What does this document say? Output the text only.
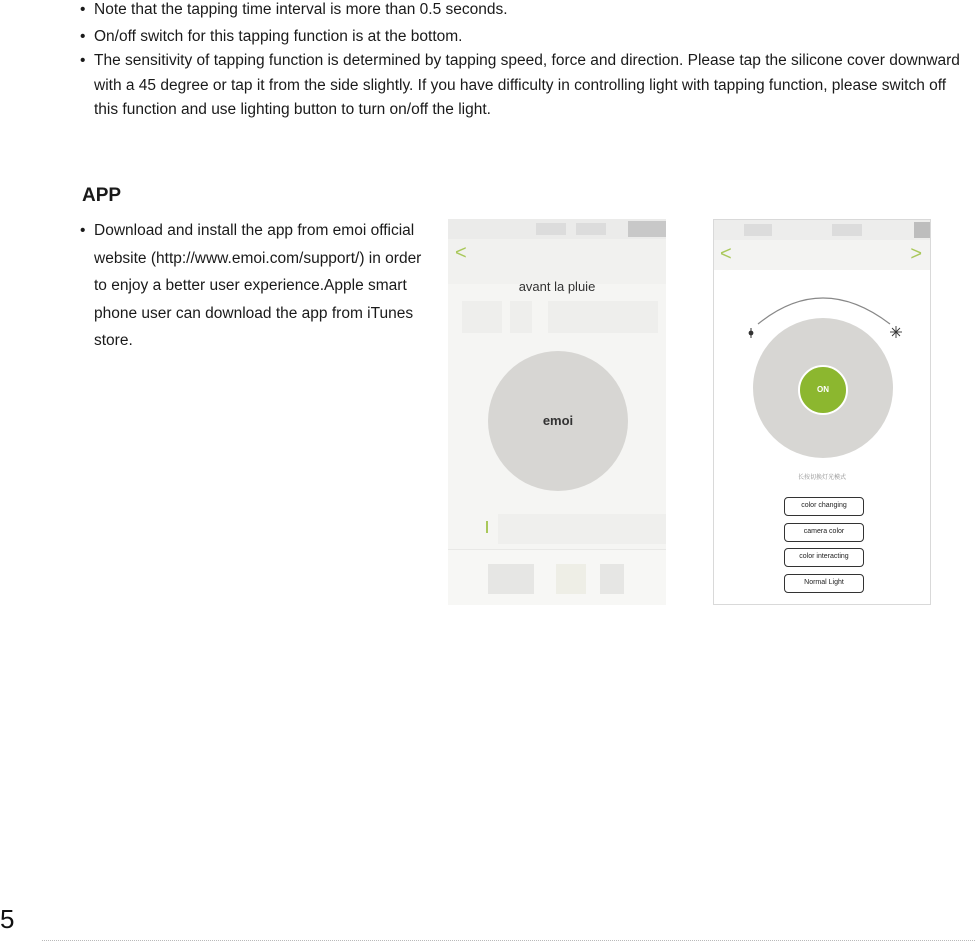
• Note that the tapping time interval is more than 0.5 seconds.
• On/off switch for this tapping function is at the bottom.
• The sensitivity of tapping function is determined by tapping speed, force and direction. Please tap the silicone cover downward with a 45 degree or tap it from the side slightly. If you have difficulty in controlling light with tapping function, please switch off this function and use lighting button to turn on/off the light.
APP
• Download and install the app from emoi official website (http://www.emoi.com/support/) in order to enjoy a better user experience.Apple smart phone user can download the app from iTunes store.
<
avant la pluie
emoi
<	>
ON
长按切换灯光模式
color changing
camera color
color interacting
Normal Light
5
